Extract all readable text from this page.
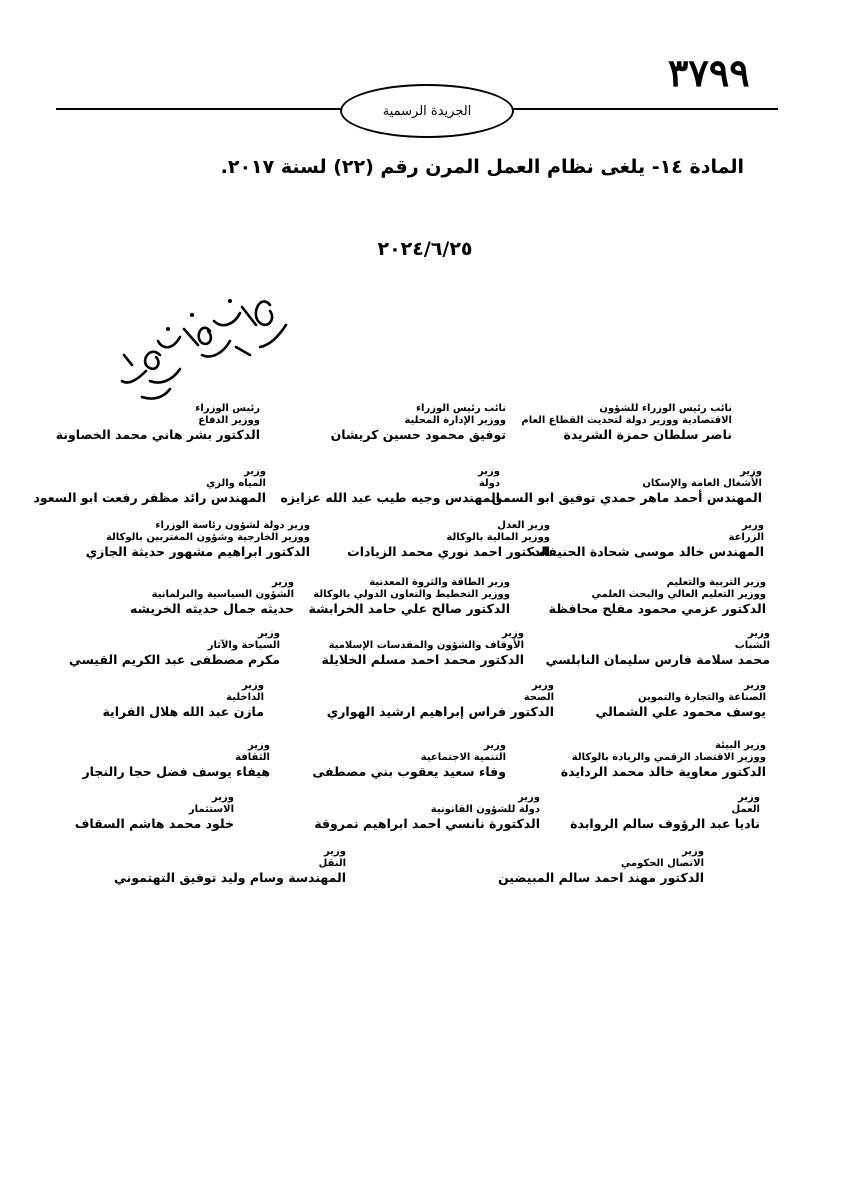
٣٧٩٩
الجريدة الرسمية
المادة ١٤- يلغى نظام العمل المرن رقم (٢٢) لسنة ٢٠١٧.
٢٠٢٤/٦/٢٥
نائب رئيس الوزراء للشؤون
الاقتصادية ووزير دولة لتحديث القطاع العام
ناصر سلطان حمزة الشريدة
نائب رئيس الوزراء
ووزير الإدارة المحلية
توفيق محمود حسين كريشان
رئيس الوزراء
ووزير الدفاع
الدكتور بشر هاني محمد الخصاونة
وزير
الأشغال العامة والإسكان
المهندس أحمد ماهر حمدي توفيق ابو السمن
وزير
دولة
المهندس وجيه طيب عبد الله عزايزه
وزير
المياه والري
المهندس رائد مظفر رفعت ابو السعود
وزير
الزراعة
المهندس خالد موسى شحادة الحنيفات
وزير العدل
ووزير المالية بالوكالة
الدكتور احمد نوري محمد الزيادات
وزير دولة لشؤون رئاسة الوزراء
ووزير الخارجية وشؤون المغتربين بالوكالة
الدكتور ابراهيم مشهور حديثة الجازي
وزير التربية والتعليم
ووزير التعليم العالي والبحث العلمي
الدكتور عزمي محمود مفلح محافظة
وزير الطاقة والثروة المعدنية
ووزير التخطيط والتعاون الدولي بالوكالة
الدكتور صالح علي حامد الخرابشة
وزير
الشؤون السياسية والبرلمانية
حديثه جمال حديثه الخريشه
وزير
الشباب
محمد سلامة فارس سليمان النابلسي
وزير
الأوقاف والشؤون والمقدسات الإسلامية
الدكتور محمد احمد مسلم الخلايلة
وزير
السياحة والآثار
مكرم مصطفى عبد الكريم القيسي
وزير
الصناعة والتجارة والتموين
يوسف محمود علي الشمالي
وزير
الصحة
الدكتور فراس إبراهيم ارشيد الهواري
وزير
الداخلية
مازن عبد الله هلال الفراية
وزير البيئة
ووزير الاقتصاد الرقمي والريادة بالوكالة
الدكتور معاوية خالد محمد الردايدة
وزير
التنمية الاجتماعية
وفاء سعيد يعقوب بني مصطفى
وزير
الثقافة
هيفاء يوسف فضل حجا رالنجار
وزير
العمل
ناديا عبد الرؤوف سالم الروابدة
وزير
دولة للشؤون القانونية
الدكتورة نانسي احمد ابراهيم نمروقة
وزير
الاستثمار
خلود محمد هاشم السقاف
وزير
الاتصال الحكومي
الدكتور مهند احمد سالم المبيضين
وزير
النقل
المهندسة وسام وليد توفيق التهتموني
